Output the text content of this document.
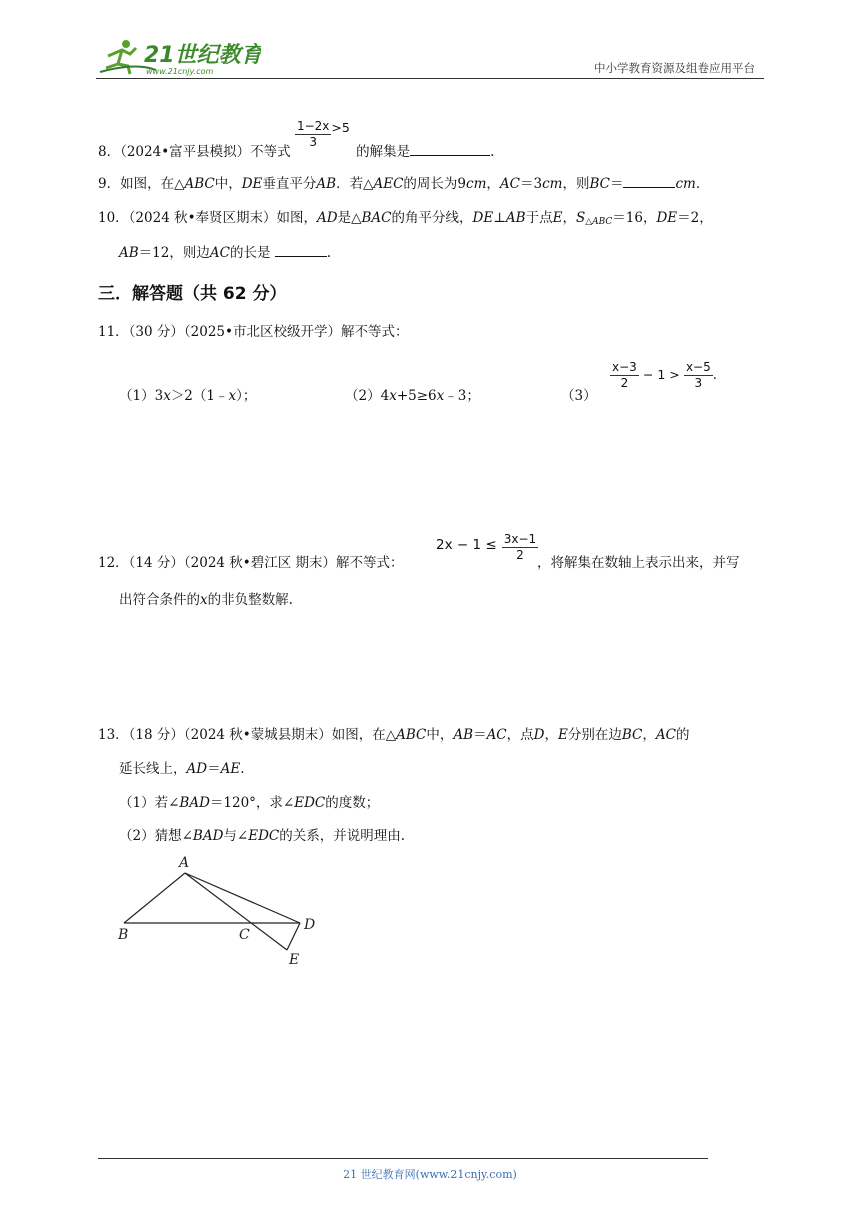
21世纪教育
www.21cnjy.com	中小学教育资源及组卷应用平台
8．（2024•富平县模拟）不等式
$\frac{1-2x}{3} >5$ 的解集是	.
9．如图，在△ABC中，DE垂直平分AB．若△AEC的周长为9cm，AC＝3cm，则BC＝	cm.
10．（2024 秋•奉贤区期末）如图，AD是△BAC的角平分线，DE⊥AB于点E，$S_{\triangle ABC}=16$，DE＝2，
AB＝12，则边AC的长是	.
三．解答题（共 62 分）
11．（30 分）（2025•市北区校级开学）解不等式：
（1）3x＞2（1﹣x）；	（2）4x+5≥6x﹣3；	（3）
$\frac{x-3}{2} - 1 > \frac{x-5}{3}$ .
12．（14 分）（2024 秋•碧江区 期末）解不等式：
$2x - 1 \le \frac{3x-1}{2}$
，将解集在数轴上表示出来，并写
出符合条件的x的非负整数解.
13．（18 分）（2024 秋•蒙城县期末）如图，在△ABC中，AB＝AC，点D，E分别在边BC，AC的
延长线上，AD＝AE.
（1）若∠BAD＝120°，求∠EDC的度数；
（2）猜想∠BAD与∠EDC的关系，并说明理由.
A
B	C
D
E
21 世纪教育网(www.21cnjy.com)
